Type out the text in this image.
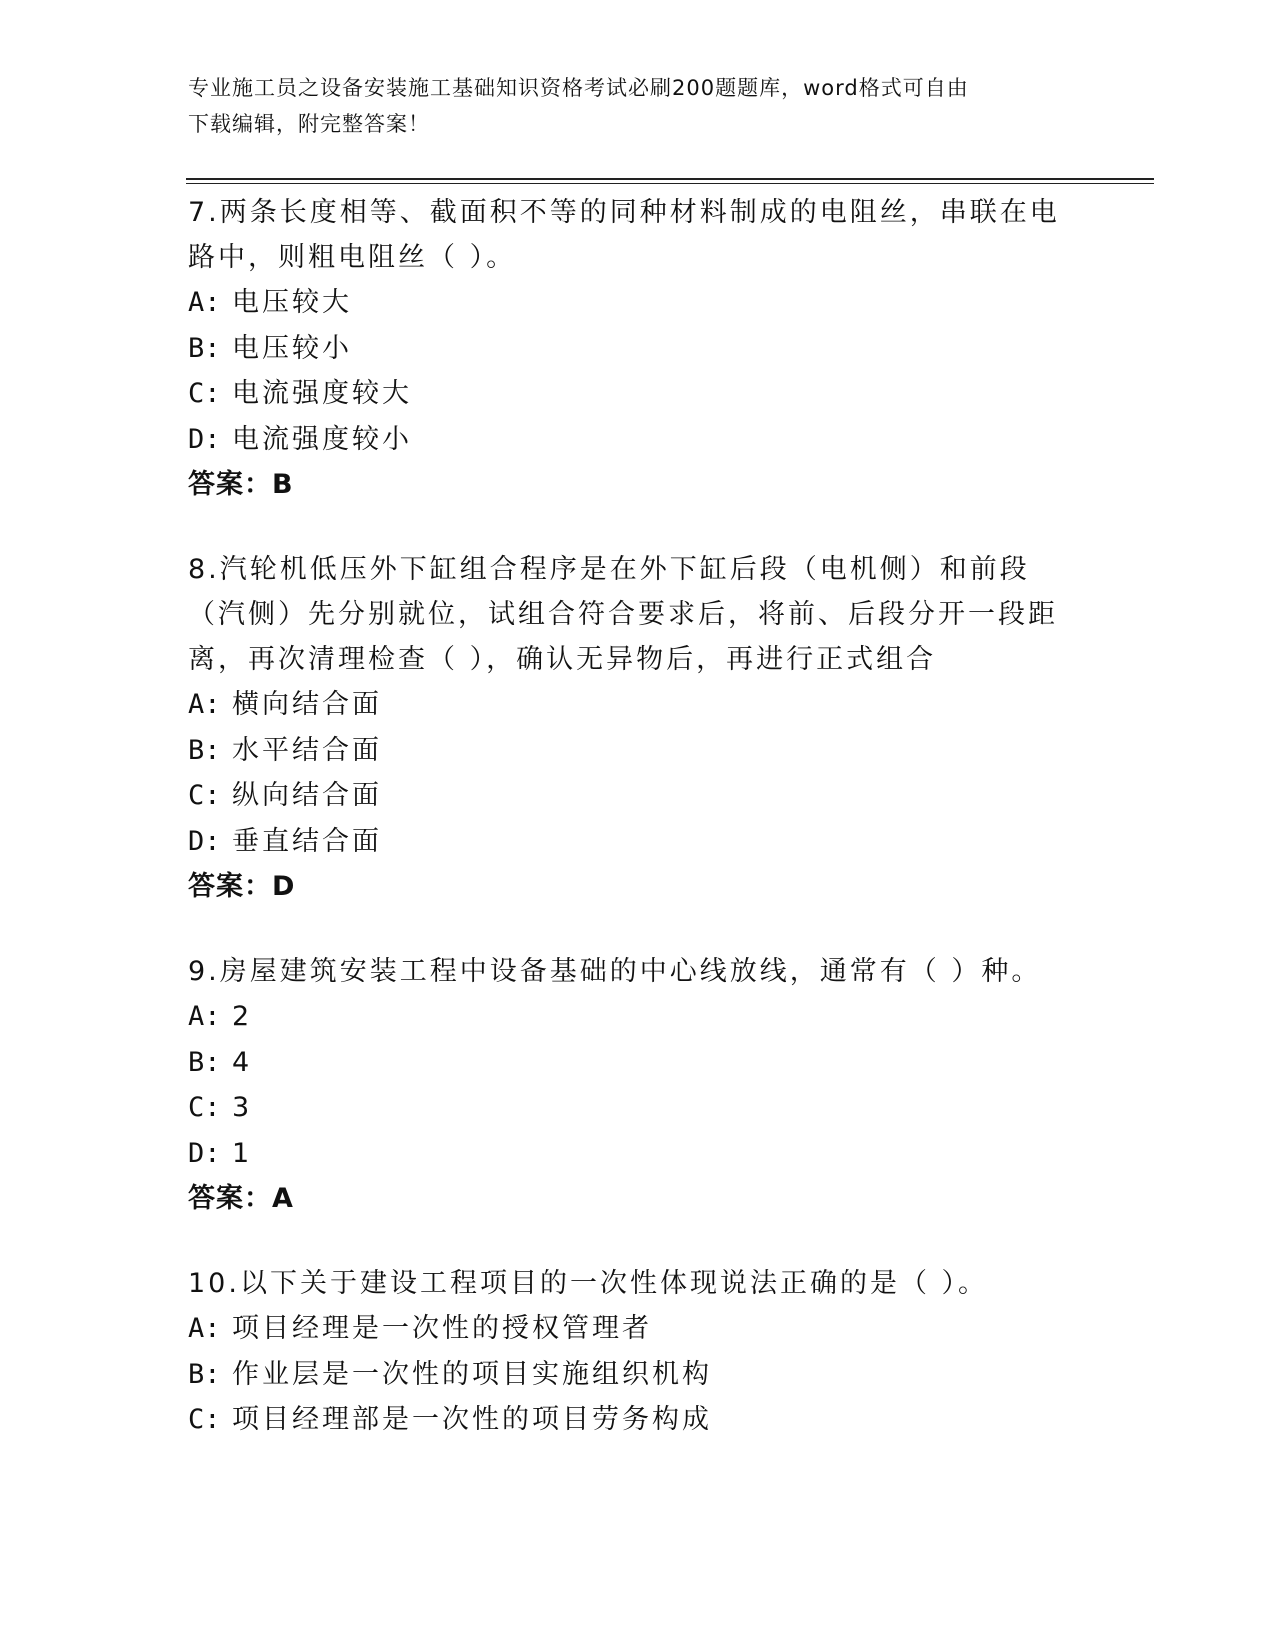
专业施工员之设备安装施工基础知识资格考试必刷200题题库，word格式可自由
下载编辑，附完整答案！
7.两条长度相等、截面积不等的同种材料制成的电阻丝，串联在电路中，则粗电阻丝（ ）。
A: 电压较大
B: 电压较小
C: 电流强度较大
D: 电流强度较小
答案：B
8.汽轮机低压外下缸组合程序是在外下缸后段（电机侧）和前段（汽侧）先分别就位，试组合符合要求后，将前、后段分开一段距离，再次清理检查（ ），确认无异物后，再进行正式组合
A: 横向结合面
B: 水平结合面
C: 纵向结合面
D: 垂直结合面
答案：D
9.房屋建筑安装工程中设备基础的中心线放线，通常有（ ）种。
A: 2
B: 4
C: 3
D: 1
答案：A
10.以下关于建设工程项目的一次性体现说法正确的是（ ）。
A: 项目经理是一次性的授权管理者
B: 作业层是一次性的项目实施组织机构
C: 项目经理部是一次性的项目劳务构成
